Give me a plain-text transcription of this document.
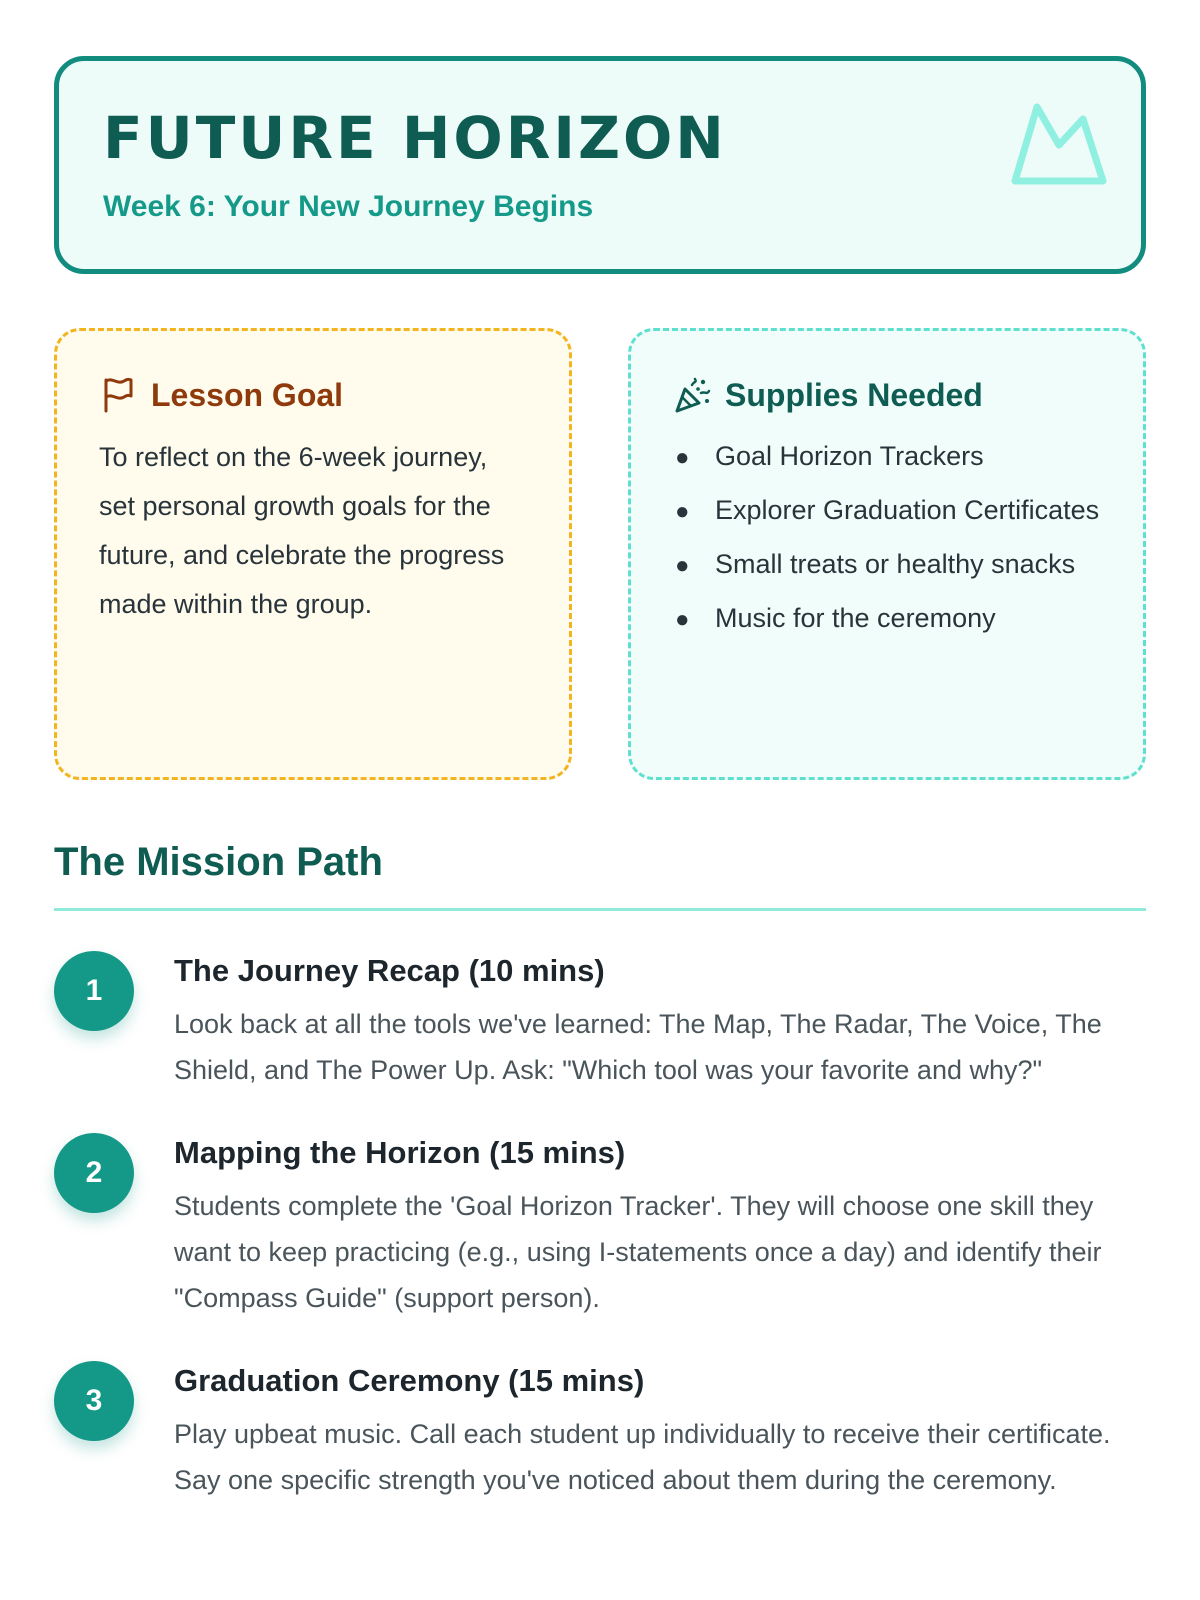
FUTURE HORIZON
Week 6: Your New Journey Begins
Lesson Goal

To reflect on the 6-week journey, set personal growth goals for the future, and celebrate the progress made within the group.

Supplies Needed
● Goal Horizon Trackers
● Explorer Graduation Certificates
● Small treats or healthy snacks
● Music for the ceremony
The Mission Path
1
The Journey Recap (10 mins)

Look back at all the tools we've learned: The Map, The Radar, The Voice, The Shield, and The Power Up. Ask: "Which tool was your favorite and why?"

2
Mapping the Horizon (15 mins)

Students complete the 'Goal Horizon Tracker'. They will choose one skill they want to keep practicing (e.g., using I-statements once a day) and identify their "Compass Guide" (support person).

3
Graduation Ceremony (15 mins)

Play upbeat music. Call each student up individually to receive their certificate. Say one specific strength you've noticed about them during the ceremony.
